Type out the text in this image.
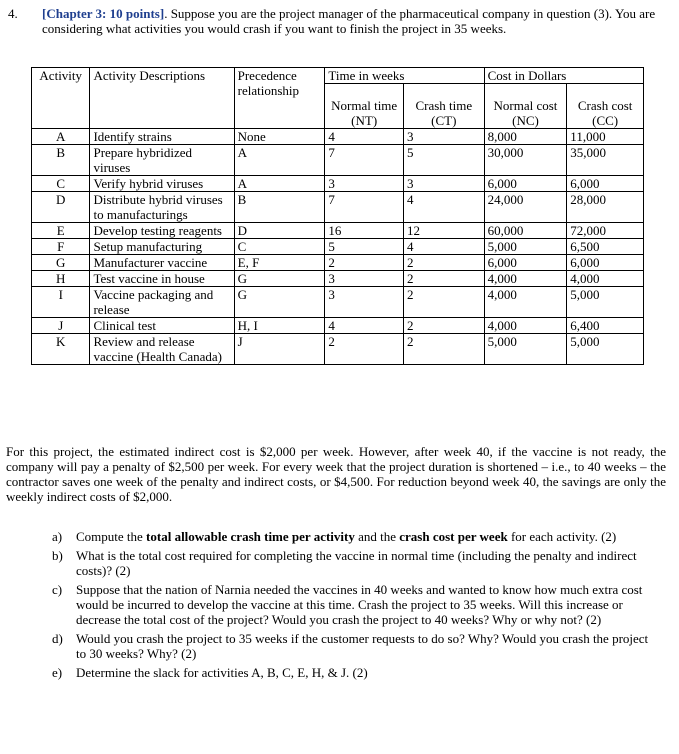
4. [Chapter 3: 10 points]. Suppose you are the project manager of the pharmaceutical company in question (3). You are considering what activities you would crash if you want to finish the project in 35 weeks.
Activity	Activity Descriptions	Precedence relationship	Time in weeks		Cost in Dollars	
			Normal time (NT)	Crash time (CT)	Normal cost (NC)	Crash cost (CC)
A	Identify strains	None	4	3	8,000	11,000
B	Prepare hybridized viruses	A	7	5	30,000	35,000
C	Verify hybrid viruses	A	3	3	6,000	6,000
D	Distribute hybrid viruses to manufacturings	B	7	4	24,000	28,000
E	Develop testing reagents	D	16	12	60,000	72,000
F	Setup manufacturing	C	5	4	5,000	6,500
G	Manufacturer vaccine	E, F	2	2	6,000	6,000
H	Test vaccine in house	G	3	2	4,000	4,000
I	Vaccine packaging and release	G	3	2	4,000	5,000
J	Clinical test	H, I	4	2	4,000	6,400
K	Review and release vaccine (Health Canada)	J	2	2	5,000	5,000
For this project, the estimated indirect cost is $2,000 per week. However, after week 40, if the vaccine is not ready, the company will pay a penalty of $2,500 per week. For every week that the project duration is shortened – i.e., to 40 weeks – the contractor saves one week of the penalty and indirect costs, or $4,500. For reduction beyond week 40, the savings are only the weekly indirect costs of $2,000.
a) Compute the total allowable crash time per activity and the crash cost per week for each activity. (2)
b) What is the total cost required for completing the vaccine in normal time (including the penalty and indirect costs)? (2)
c) Suppose that the nation of Narnia needed the vaccines in 40 weeks and wanted to know how much extra cost would be incurred to develop the vaccine at this time. Crash the project to 35 weeks. Will this increase or decrease the total cost of the project? Would you crash the project to 40 weeks? Why or why not? (2)
d) Would you crash the project to 35 weeks if the customer requests to do so? Why? Would you crash the project to 30 weeks? Why? (2)
e) Determine the slack for activities A, B, C, E, H, & J. (2)
